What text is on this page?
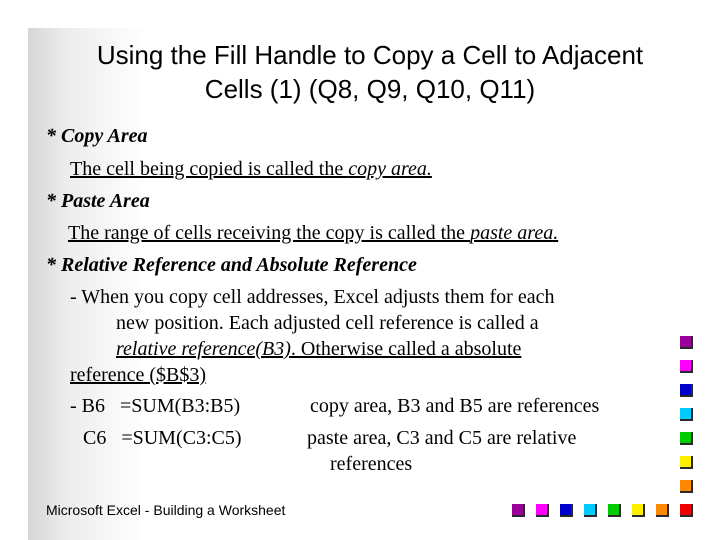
Using the Fill Handle to Copy a Cell to Adjacent
Cells (1) (Q8, Q9, Q10, Q11)
* Copy Area
The cell being copied is called the copy area.
* Paste Area
The range of cells receiving the copy is called the paste area.
* Relative Reference and Absolute Reference
- When you copy cell addresses, Excel adjusts them for each
new position. Each adjusted cell reference is called a
relative reference(B3). Otherwise called a absolute
reference ($B$3)
- B6   =SUM(B3:B5)	copy area, B3 and B5 are references
C6   =SUM(C3:C5)	paste area, C3 and C5 are relative
references
Microsoft Excel - Building a Worksheet
